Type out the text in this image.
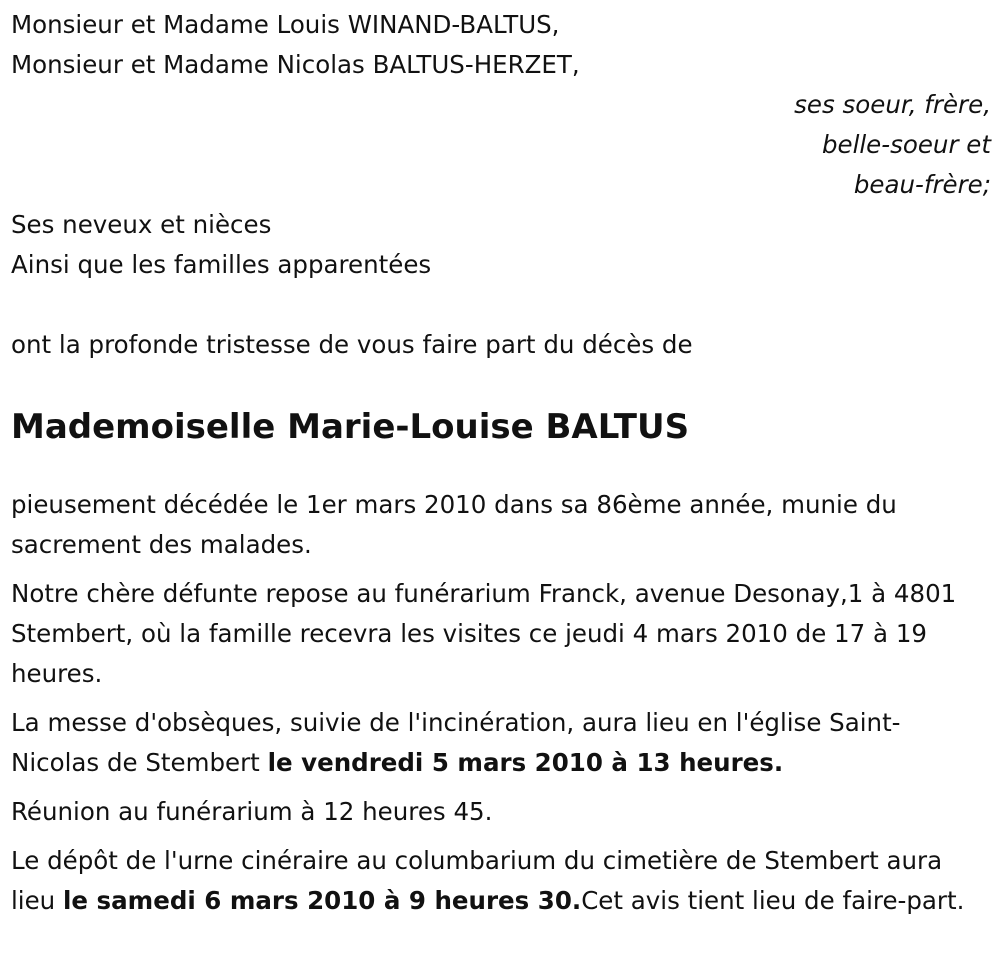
Monsieur et Madame Louis WINAND-BALTUS,

Monsieur et Madame Nicolas BALTUS-HERZET,

ses soeur, frère,

belle-soeur et

beau-frère;

Ses neveux et nièces

Ainsi que les familles apparentées

ont la profonde tristesse de vous faire part du décès de

Mademoiselle Marie-Louise BALTUS

pieusement décédée le 1er mars 2010 dans sa 86ème année, munie du sacrement des malades.

Notre chère défunte repose au funérarium Franck, avenue Desonay,1 à 4801 Stembert, où la famille recevra les visites ce jeudi 4 mars 2010 de 17 à 19 heures.

La messe d'obsèques, suivie de l'incinération, aura lieu en l'église Saint-Nicolas de Stembert le vendredi 5 mars 2010 à 13 heures.

Réunion au funérarium à 12 heures 45.

Le dépôt de l'urne cinéraire au columbarium du cimetière de Stembert aura lieu le samedi 6 mars 2010 à 9 heures 30.Cet avis tient lieu de faire-part.
